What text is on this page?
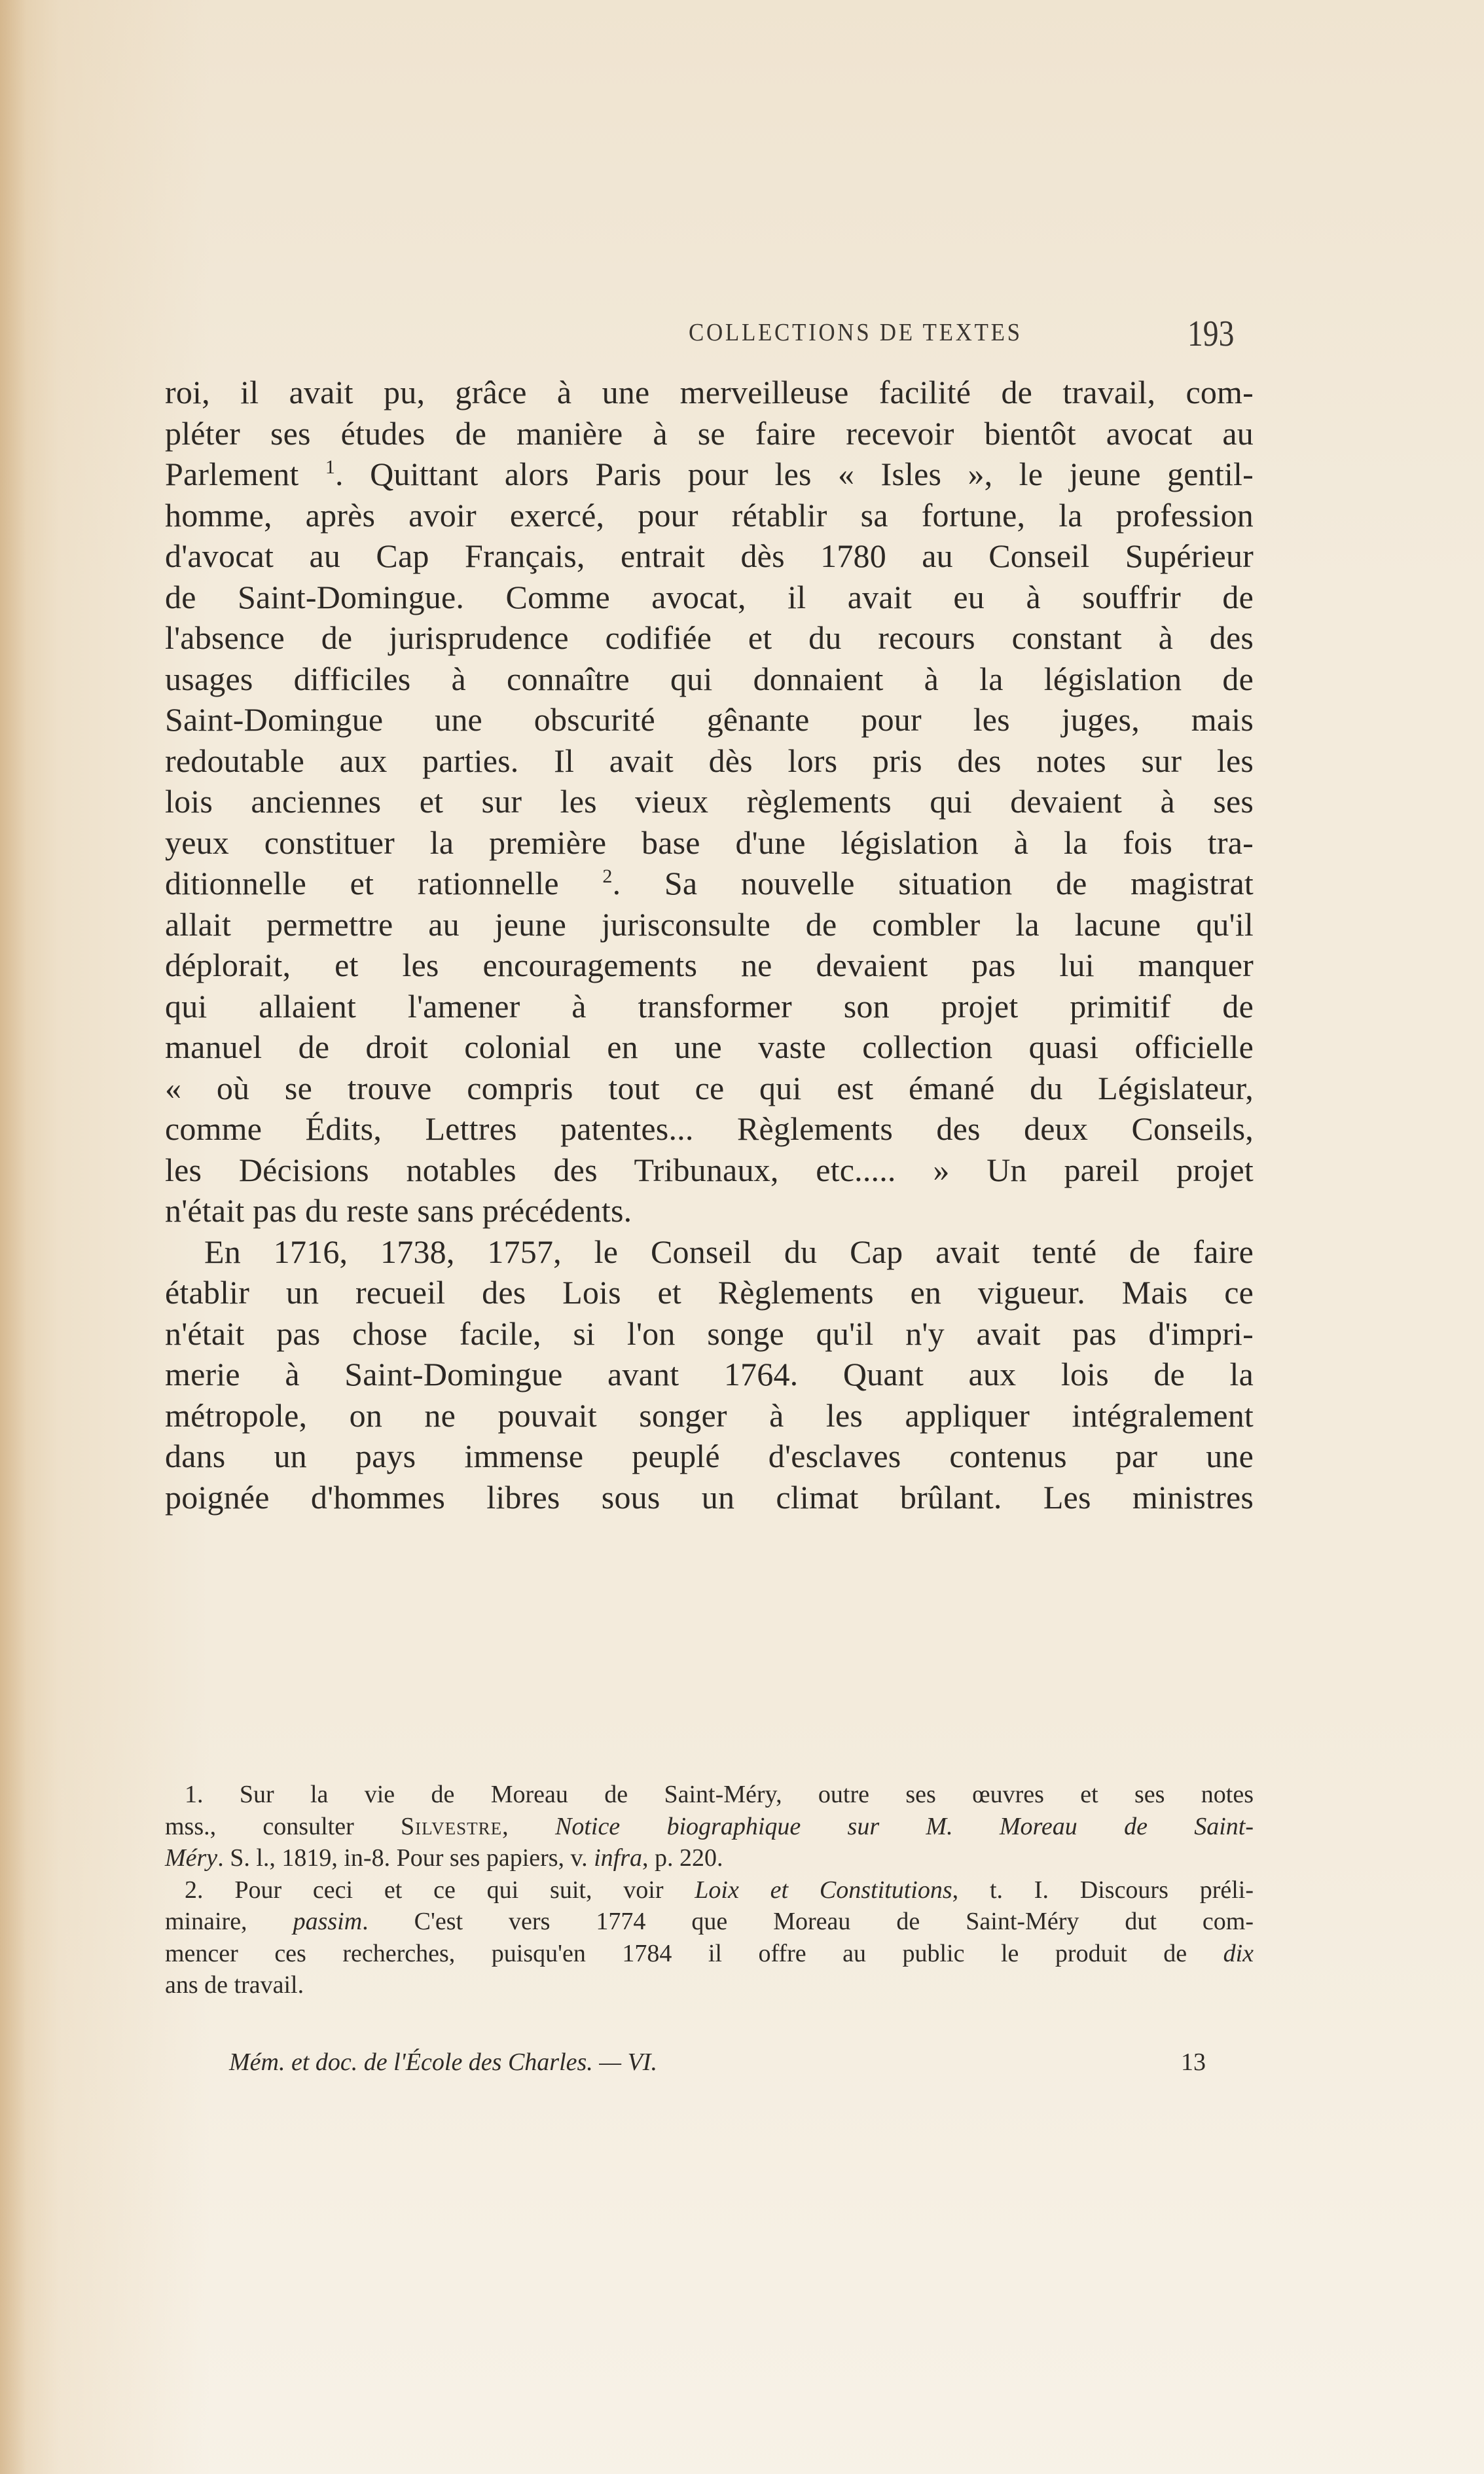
COLLECTIONS DE TEXTES	193
roi, il avait pu, grâce à une merveilleuse facilité de travail, com-
pléter ses études de manière à se faire recevoir bientôt avocat au
Parlement $^1$. Quittant alors Paris pour les « Isles », le jeune gentil-
homme, après avoir exercé, pour rétablir sa fortune, la profession
d'avocat au Cap Français, entrait dès 1780 au Conseil Supérieur
de Saint-Domingue. Comme avocat, il avait eu à souffrir de
l'absence de jurisprudence codifiée et du recours constant à des
usages difficiles à connaître qui donnaient à la législation de
Saint-Domingue une obscurité gênante pour les juges, mais
redoutable aux parties. Il avait dès lors pris des notes sur les
lois anciennes et sur les vieux règlements qui devaient à ses
yeux constituer la première base d'une législation à la fois tra-
ditionnelle et rationnelle $^2$. Sa nouvelle situation de magistrat
allait permettre au jeune jurisconsulte de combler la lacune qu'il
déplorait, et les encouragements ne devaient pas lui manquer
qui allaient l'amener à transformer son projet primitif de
manuel de droit colonial en une vaste collection quasi officielle
« où se trouve compris tout ce qui est émané du Législateur,
comme Édits, Lettres patentes... Règlements des deux Conseils,
les Décisions notables des Tribunaux, etc..... » Un pareil projet
n'était pas du reste sans précédents.
En 1716, 1738, 1757, le Conseil du Cap avait tenté de faire
établir un recueil des Lois et Règlements en vigueur. Mais ce
n'était pas chose facile, si l'on songe qu'il n'y avait pas d'impri-
merie à Saint-Domingue avant 1764. Quant aux lois de la
métropole, on ne pouvait songer à les appliquer intégralement
dans un pays immense peuplé d'esclaves contenus par une
poignée d'hommes libres sous un climat brûlant. Les ministres
1. Sur la vie de Moreau de Saint-Méry, outre ses œuvres et ses notes
mss., consulter Silvestre, Notice biographique sur M. Moreau de Saint-
Méry. S. l., 1819, in-8. Pour ses papiers, v. infra, p. 220.
2. Pour ceci et ce qui suit, voir Loix et Constitutions, t. I. Discours préli-
minaire, passim. C'est vers 1774 que Moreau de Saint-Méry dut com-
mencer ces recherches, puisqu'en 1784 il offre au public le produit de dix
ans de travail.
Mém. et doc. de l'École des Charles. — VI.	13
